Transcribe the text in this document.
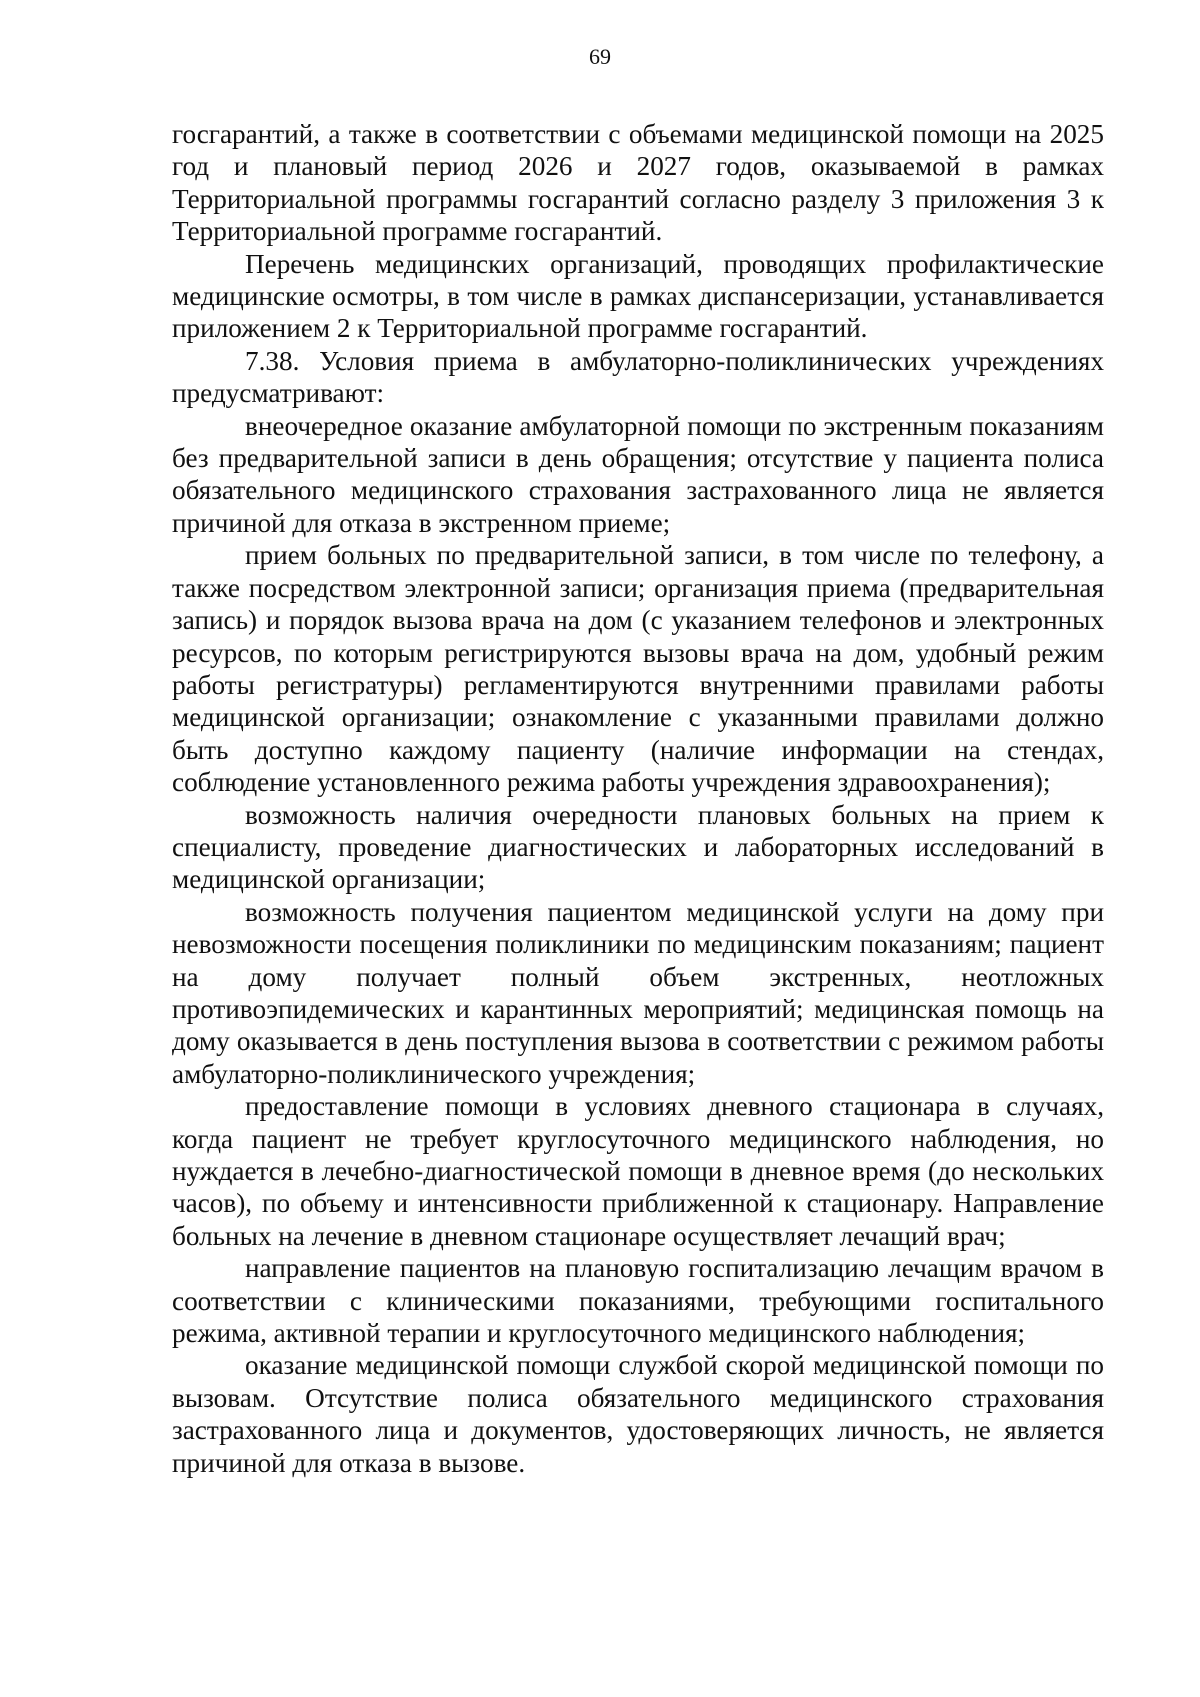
69

госгарантий, а также в соответствии с объемами медицинской помощи на 2025 год и плановый период 2026 и 2027 годов, оказываемой в рамках Территориальной программы госгарантий согласно разделу 3 приложения 3 к Территориальной программе госгарантий.

Перечень медицинских организаций, проводящих профилактические медицинские осмотры, в том числе в рамках диспансеризации, устанавливается приложением 2 к Территориальной программе госгарантий.

7.38. Условия приема в амбулаторно-поликлинических учреждениях предусматривают:

внеочередное оказание амбулаторной помощи по экстренным показаниям без предварительной записи в день обращения; отсутствие у пациента полиса обязательного медицинского страхования застрахованного лица не является причиной для отказа в экстренном приеме;

прием больных по предварительной записи, в том числе по телефону, а также посредством электронной записи; организация приема (предварительная запись) и порядок вызова врача на дом (с указанием телефонов и электронных ресурсов, по которым регистрируются вызовы врача на дом, удобный режим работы регистратуры) регламентируются внутренними правилами работы медицинской организации; ознакомление с указанными правилами должно быть доступно каждому пациенту (наличие информации на стендах, соблюдение установленного режима работы учреждения здравоохранения);

возможность наличия очередности плановых больных на прием к специалисту, проведение диагностических и лабораторных исследований в медицинской организации;

возможность получения пациентом медицинской услуги на дому при невозможности посещения поликлиники по медицинским показаниям; пациент на дому получает полный объем экстренных, неотложных противоэпидемических и карантинных мероприятий; медицинская помощь на дому оказывается в день поступления вызова в соответствии с режимом работы амбулаторно-поликлинического учреждения;

предоставление помощи в условиях дневного стационара в случаях, когда пациент не требует круглосуточного медицинского наблюдения, но нуждается в лечебно-диагностической помощи в дневное время (до нескольких часов), по объему и интенсивности приближенной к стационару. Направление больных на лечение в дневном стационаре осуществляет лечащий врач;

направление пациентов на плановую госпитализацию лечащим врачом в соответствии с клиническими показаниями, требующими госпитального режима, активной терапии и круглосуточного медицинского наблюдения;

оказание медицинской помощи службой скорой медицинской помощи по вызовам. Отсутствие полиса обязательного медицинского страхования застрахованного лица и документов, удостоверяющих личность, не является причиной для отказа в вызове.
